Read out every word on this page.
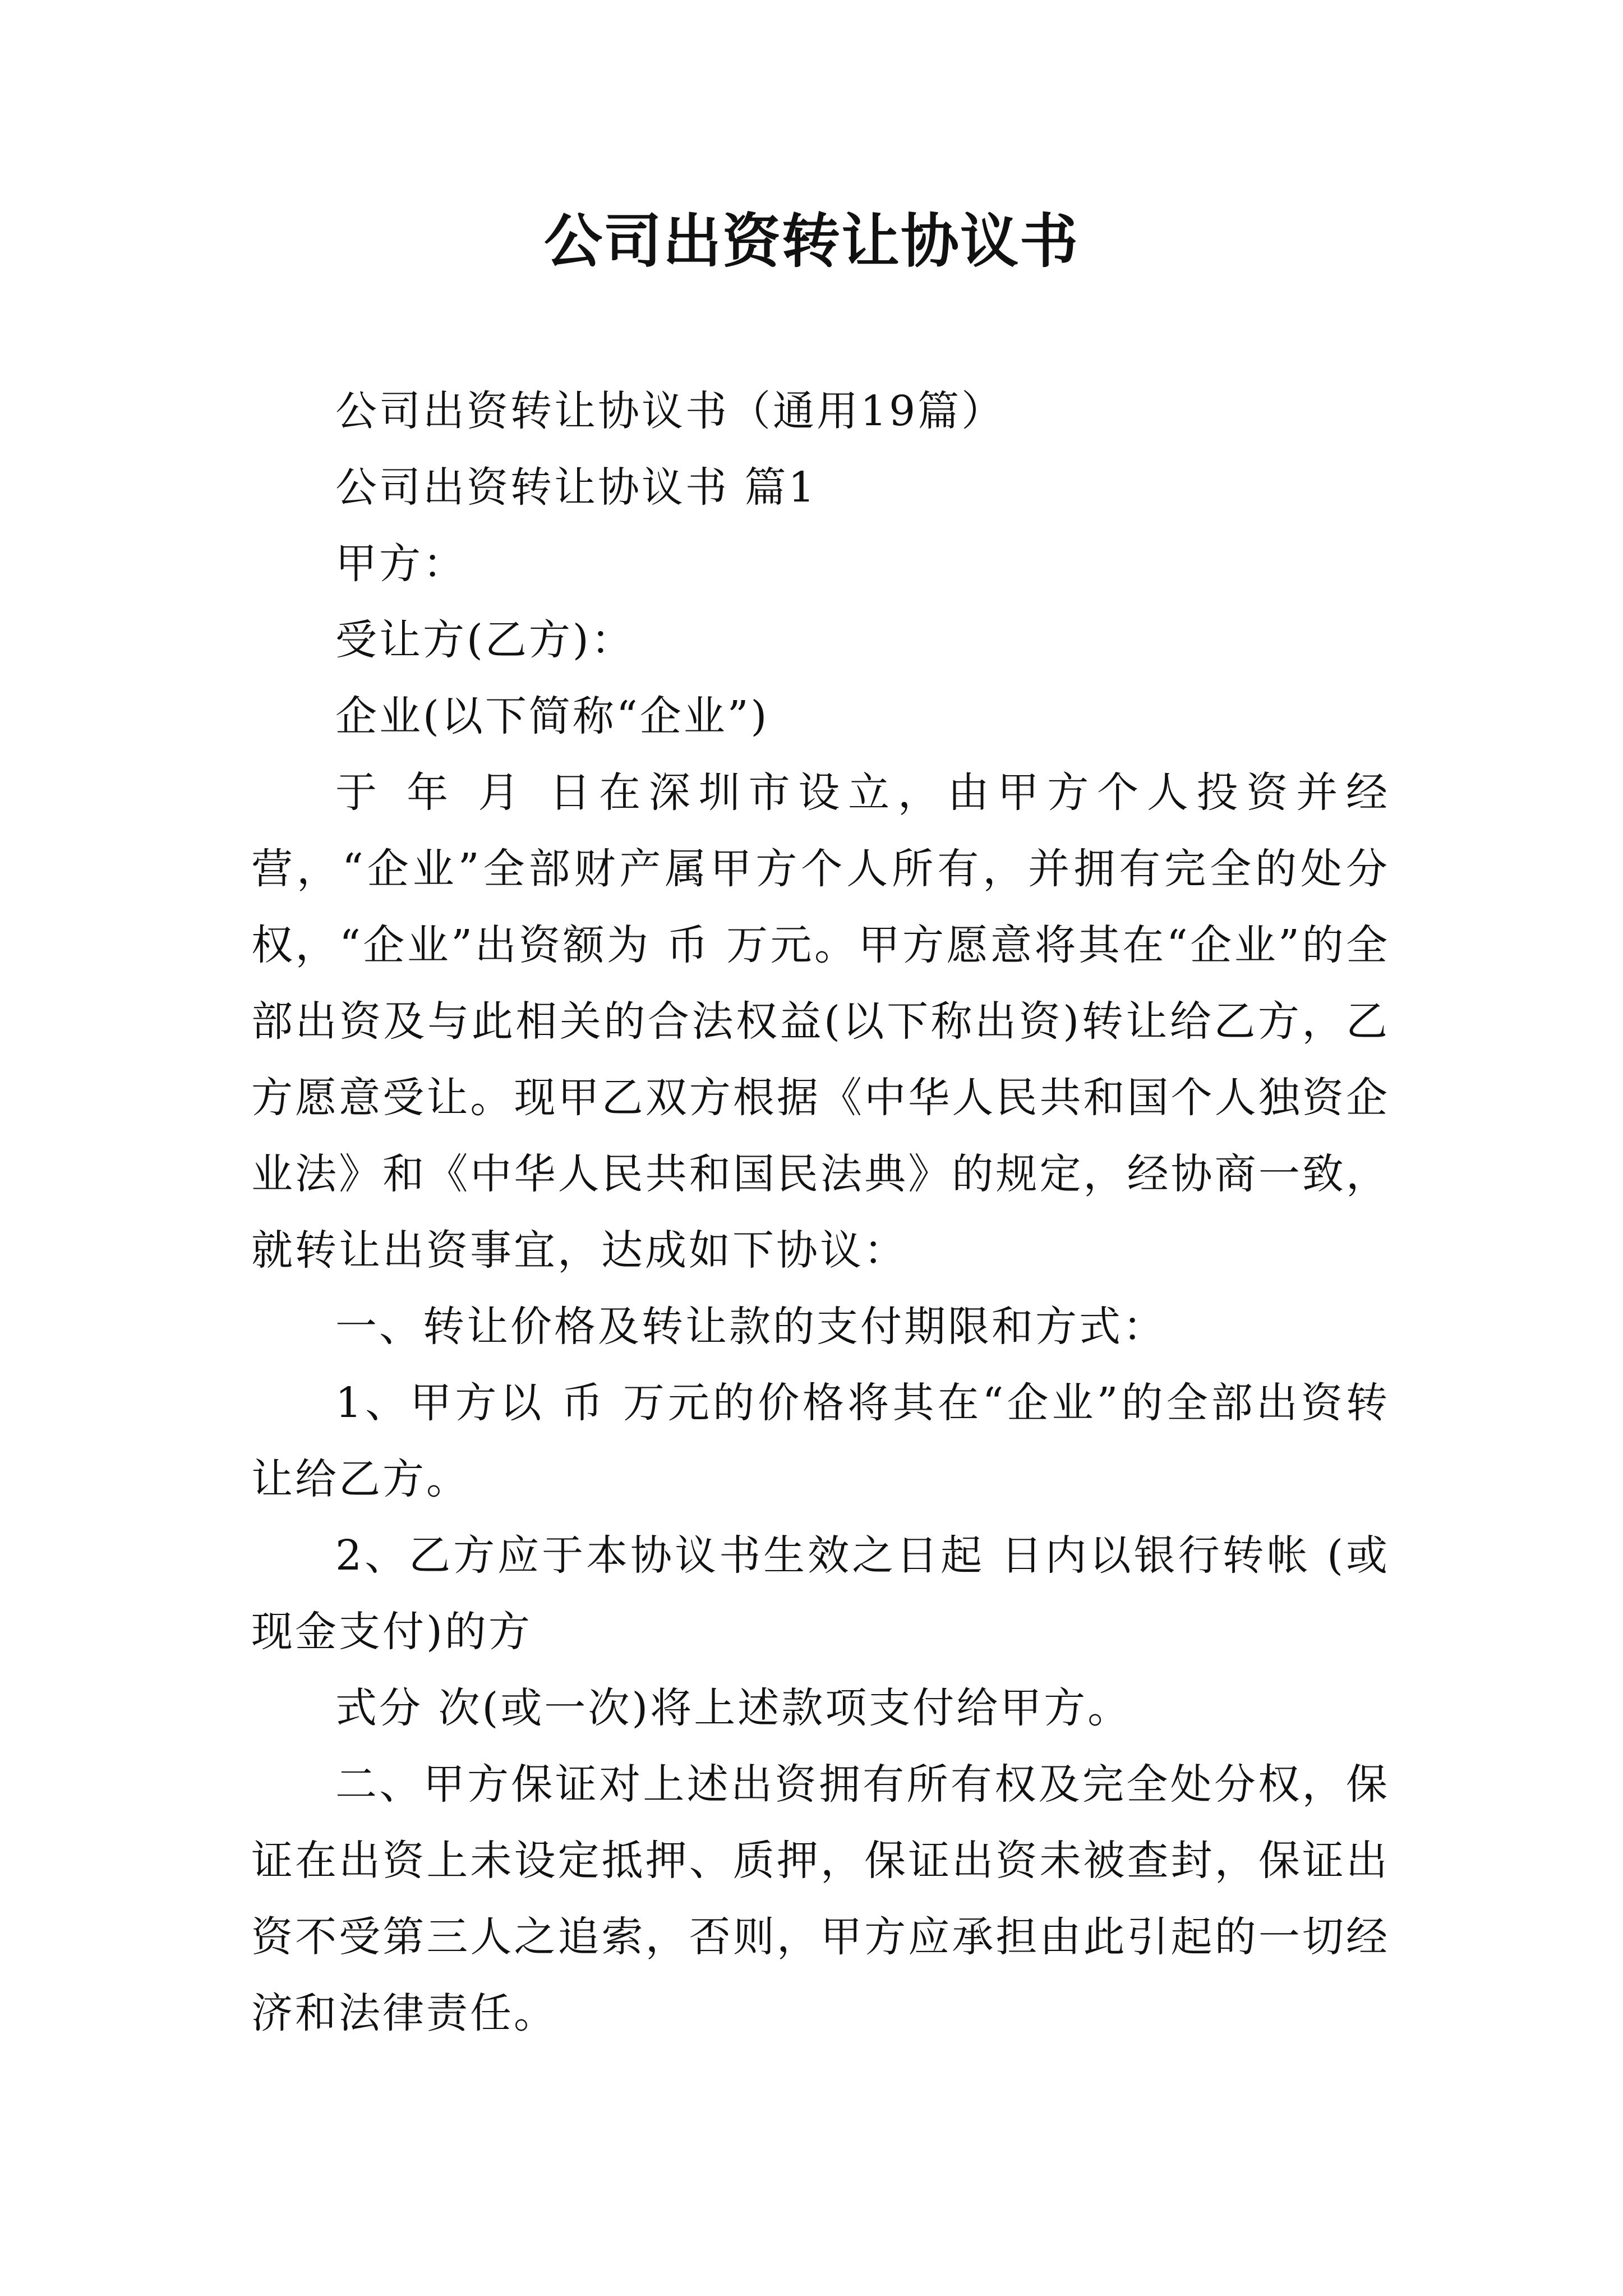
公司出资转让协议书

公司出资转让协议书（通用19篇）

公司出资转让协议书 篇1

甲方：

受让方(乙方)：

企业(以下简称“企业”)

于 年 月 日在深圳市设立，由甲方个人投资并经营，“企业”全部财产属甲方个人所有，并拥有完全的处分权，“企业”出资额为 币 万元。甲方愿意将其在“企业”的全部出资及与此相关的合法权益(以下称出资)转让给乙方，乙方愿意受让。现甲乙双方根据《中华人民共和国个人独资企业法》和《中华人民共和国民法典》的规定，经协商一致，就转让出资事宜，达成如下协议：

一、转让价格及转让款的支付期限和方式：

1、甲方以 币 万元的价格将其在“企业”的全部出资转让给乙方。

2、乙方应于本协议书生效之日起 日内以银行转帐 (或现金支付)的方

式分 次(或一次)将上述款项支付给甲方。

二、甲方保证对上述出资拥有所有权及完全处分权，保证在出资上未设定抵押、质押，保证出资未被查封，保证出资不受第三人之追索，否则，甲方应承担由此引起的一切经济和法律责任。
